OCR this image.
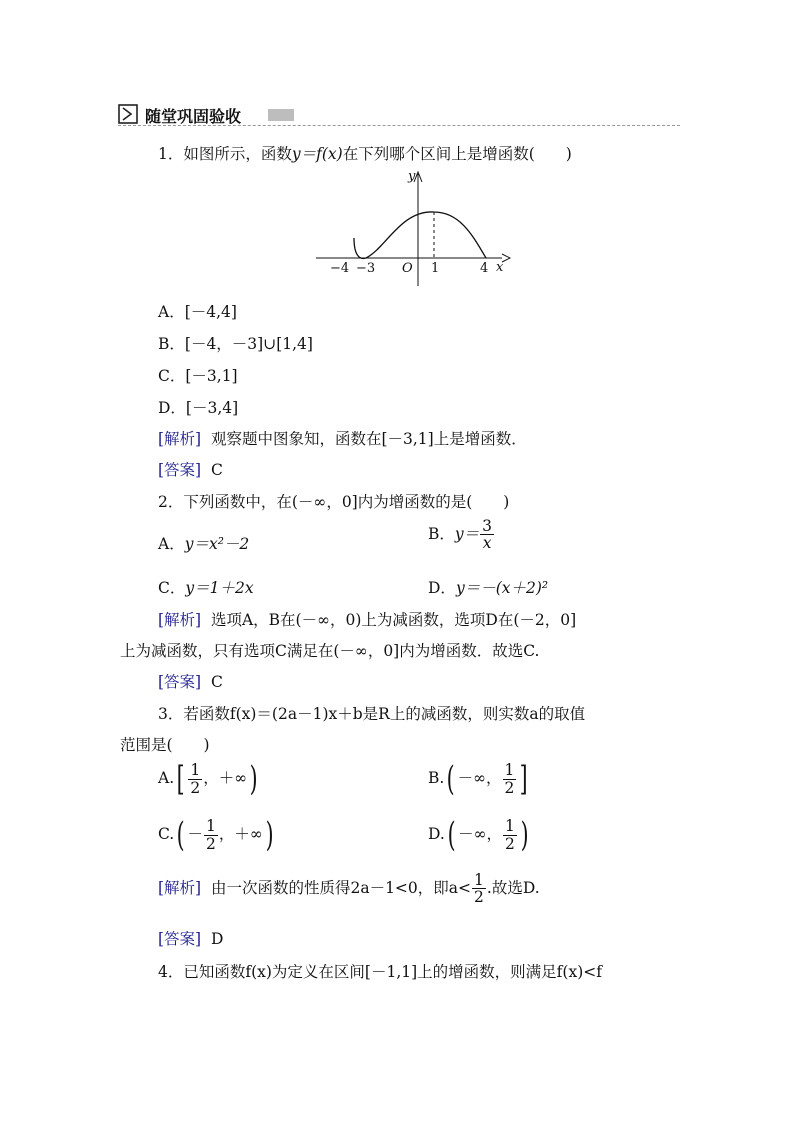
随堂巩固验收
1．如图所示，函数y＝f(x)在下列哪个区间上是增函数(　　)
y
x
−4 −3 O 1	4
A．[－4,4]
B．[－4，－3]∪[1,4]
C．[－3,1]
D．[－3,4]
[解析] 观察题中图象知，函数在[－3,1]上是增函数．
[答案] C
2．下列函数中，在(－∞，0]内为增函数的是(　　)
A．y＝x²－2
B．$y= \frac{3}{x}$
C．y＝1＋2x	D．y＝－(x＋2)²
[解析] 选项A，B在(－∞，0)上为减函数，选项D在(－2，0]
上为减函数，只有选项C满足在(－∞，0]内为增函数．故选C.
[答案] C
3．若函数f(x)＝(2a－1)x＋b是R上的减函数，则实数a的取值
范围是(　　)
$A.[ \frac{1}{2}$ ，＋∞)	B.( －∞， $\frac{1}{2}$ ]
$C.( - \frac{1}{2}$ ，＋∞)	D.( －∞， $\frac{1}{2}$ )
[解析] 由一次函数的性质得2a－1<0，即$a< \frac{1}{2}$ .故选D.
[答案] D
4．已知函数f(x)为定义在区间[－1,1]上的增函数，则满足f(x)<f
